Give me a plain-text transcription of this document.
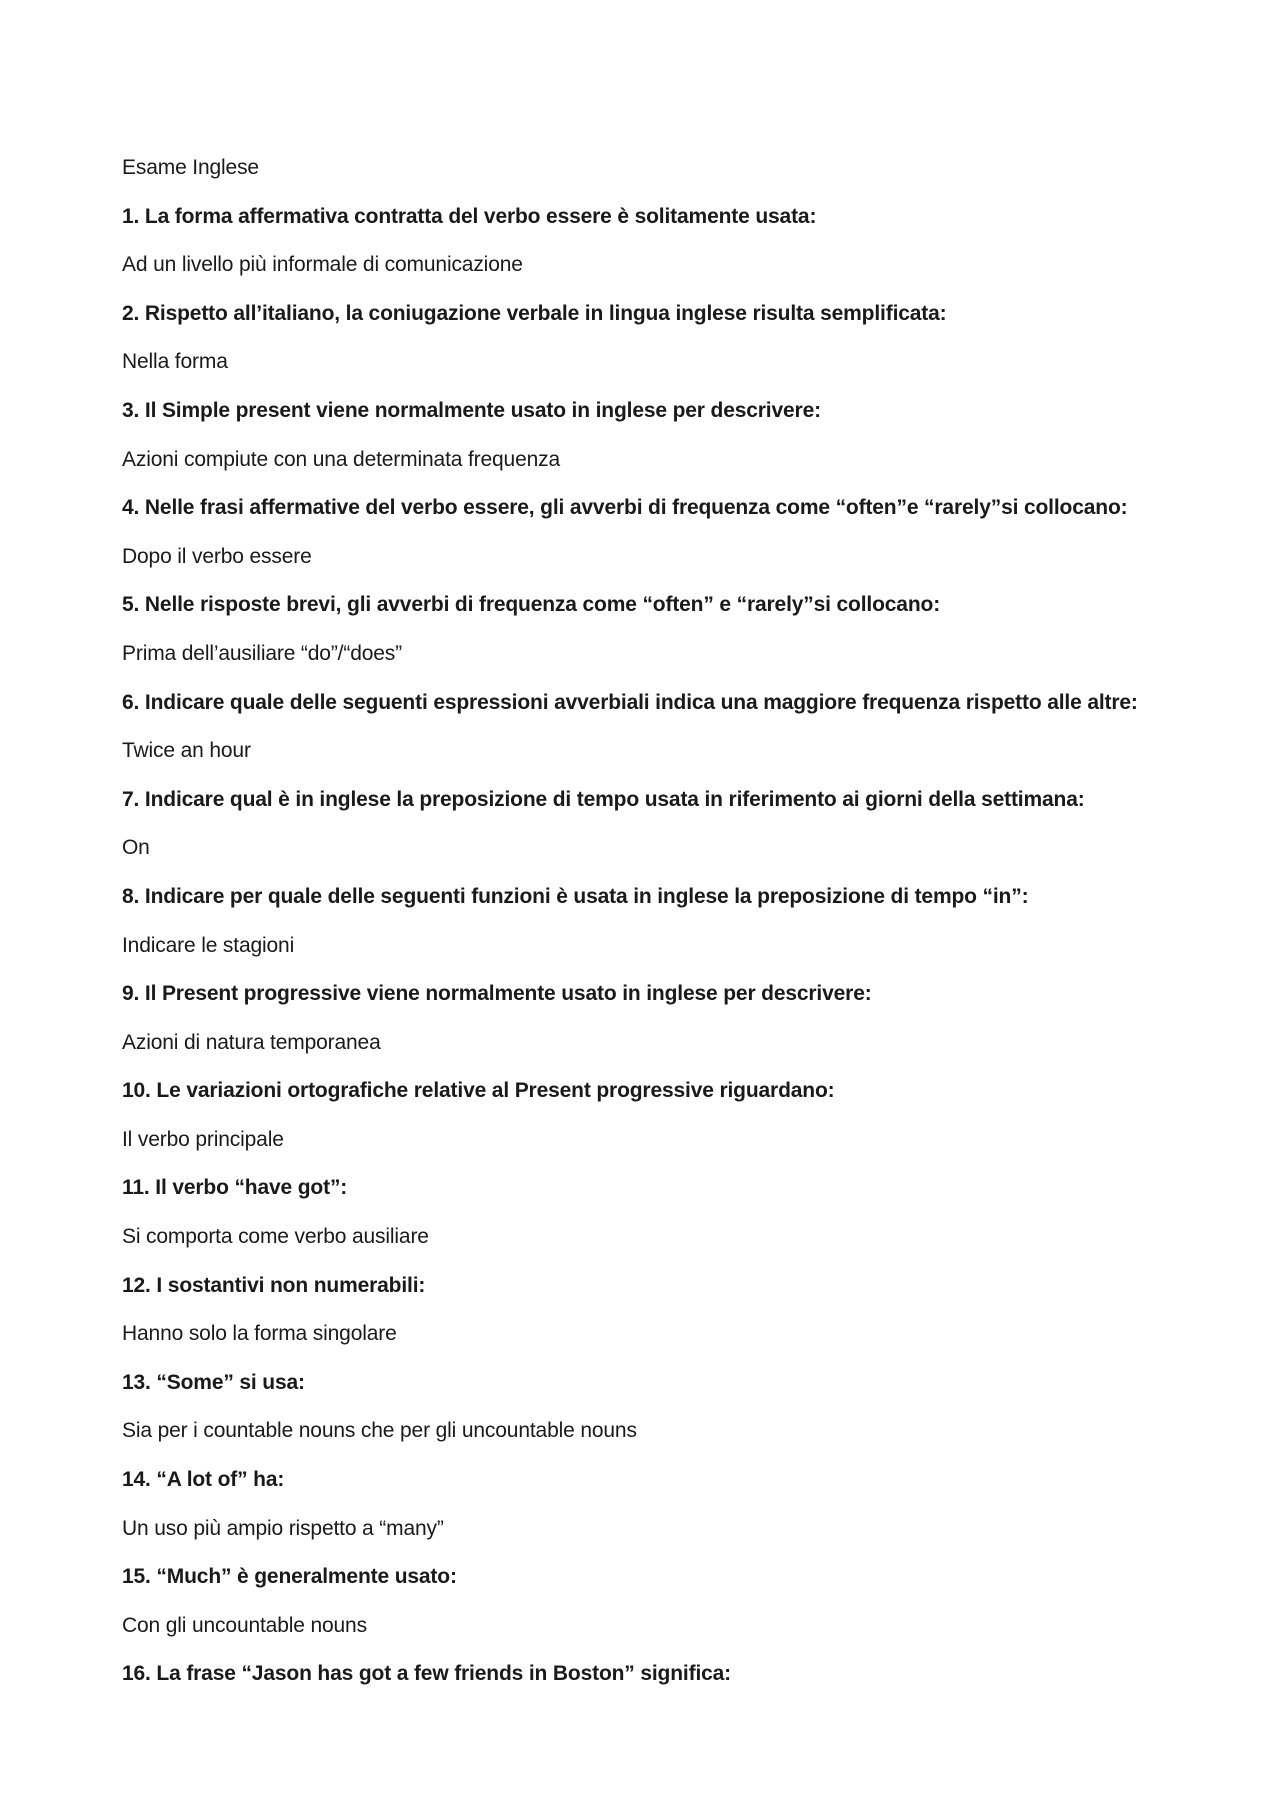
Esame Inglese
1. La forma affermativa contratta del verbo essere è solitamente usata:
Ad un livello più informale di comunicazione
2. Rispetto all’italiano, la coniugazione verbale in lingua inglese risulta semplificata:
Nella forma
3. Il Simple present viene normalmente usato in inglese per descrivere:
Azioni compiute con una determinata frequenza
4. Nelle frasi affermative del verbo essere, gli avverbi di frequenza come “often”e “rarely”si collocano:
Dopo il verbo essere
5. Nelle risposte brevi, gli avverbi di frequenza come “often” e “rarely”si collocano:
Prima dell’ausiliare “do”/“does”
6. Indicare quale delle seguenti espressioni avverbiali indica una maggiore frequenza rispetto alle altre:
Twice an hour
7. Indicare qual è in inglese la preposizione di tempo usata in riferimento ai giorni della settimana:
On
8. Indicare per quale delle seguenti funzioni è usata in inglese la preposizione di tempo “in”:
Indicare le stagioni
9. Il Present progressive viene normalmente usato in inglese per descrivere:
Azioni di natura temporanea
10. Le variazioni ortografiche relative al Present progressive riguardano:
Il verbo principale
11. Il verbo “have got”:
Si comporta come verbo ausiliare
12. I sostantivi non numerabili:
Hanno solo la forma singolare
13. “Some” si usa:
Sia per i countable nouns che per gli uncountable nouns
14. “A lot of” ha:
Un uso più ampio rispetto a “many”
15. “Much” è generalmente usato:
Con gli uncountable nouns
16. La frase “Jason has got a few friends in Boston” significa:
